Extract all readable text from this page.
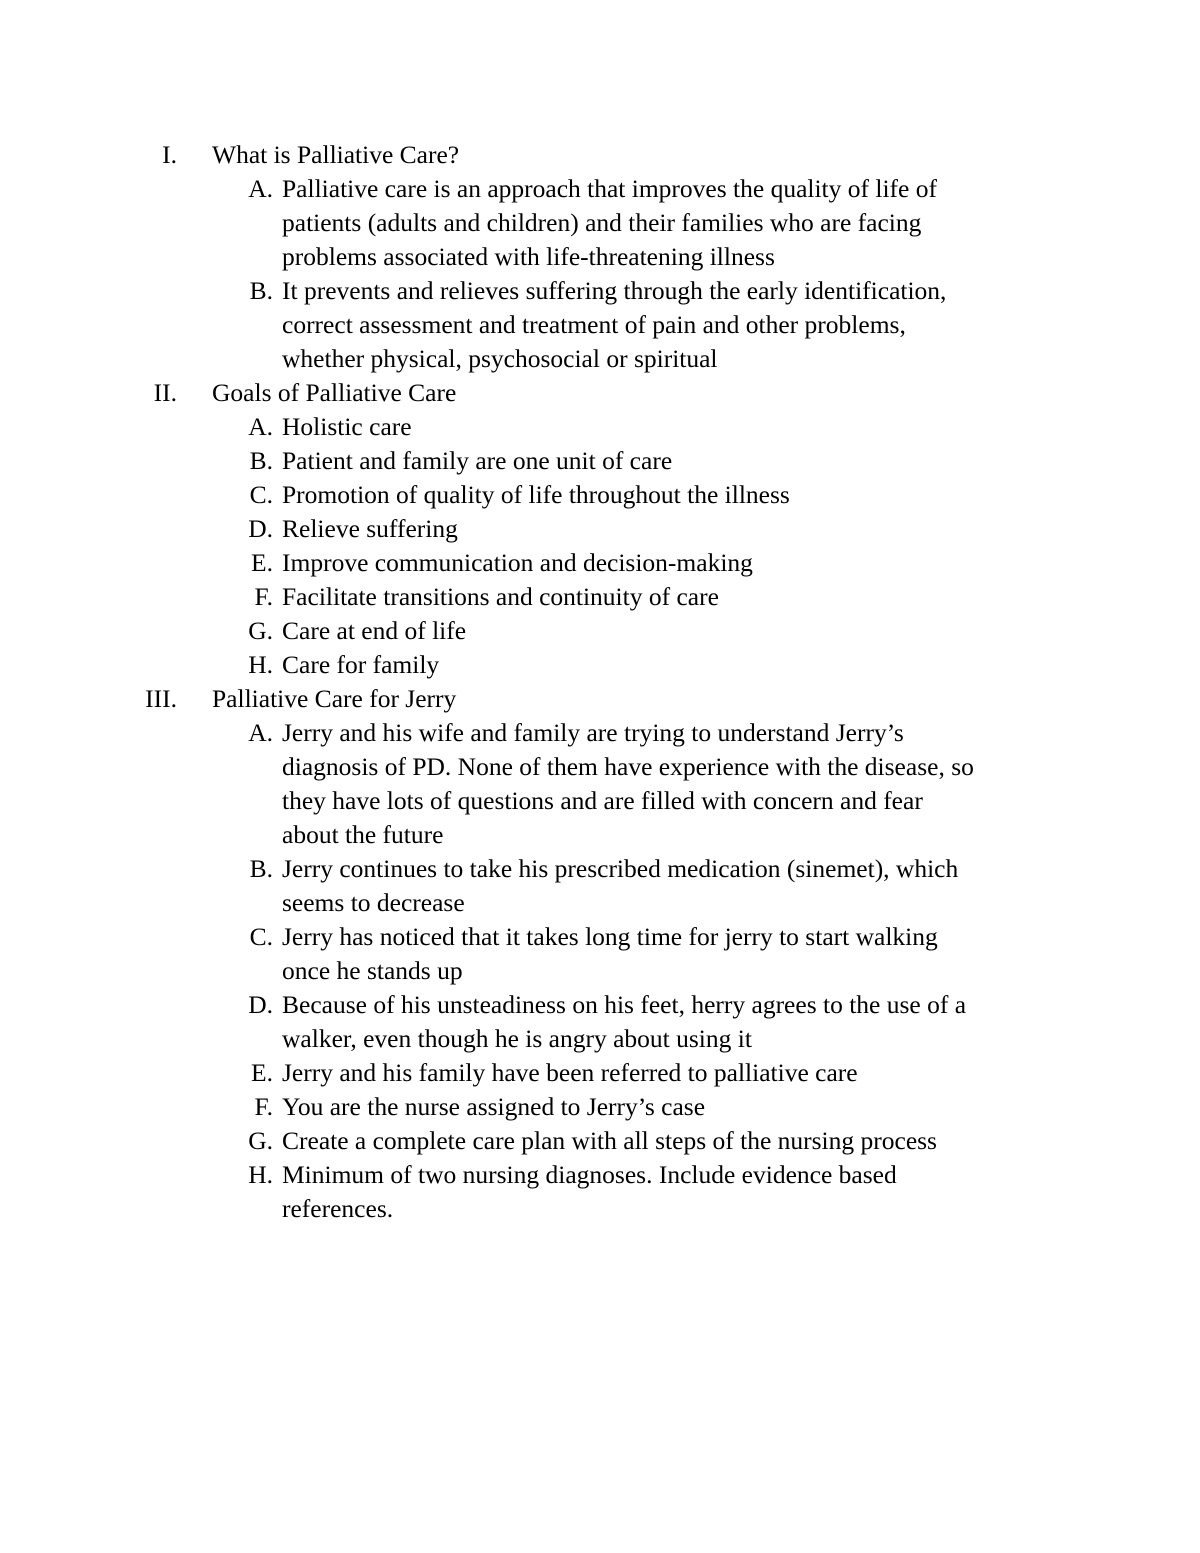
I. What is Palliative Care?
A. Palliative care is an approach that improves the quality of life of
patients (adults and children) and their families who are facing
problems associated with life-threatening illness
B. It prevents and relieves suffering through the early identification,
correct assessment and treatment of pain and other problems,
whether physical, psychosocial or spiritual
II. Goals of Palliative Care
A. Holistic care
B. Patient and family are one unit of care
C. Promotion of quality of life throughout the illness
D. Relieve suffering
E. Improve communication and decision-making
F. Facilitate transitions and continuity of care
G. Care at end of life
H. Care for family
III. Palliative Care for Jerry
A. Jerry and his wife and family are trying to understand Jerry’s
diagnosis of PD. None of them have experience with the disease, so
they have lots of questions and are filled with concern and fear
about the future
B. Jerry continues to take his prescribed medication (sinemet), which
seems to decrease
C. Jerry has noticed that it takes long time for jerry to start walking
once he stands up
D. Because of his unsteadiness on his feet, herry agrees to the use of a
walker, even though he is angry about using it
E. Jerry and his family have been referred to palliative care
F. You are the nurse assigned to Jerry’s case
G. Create a complete care plan with all steps of the nursing process
H. Minimum of two nursing diagnoses. Include evidence based
references.
